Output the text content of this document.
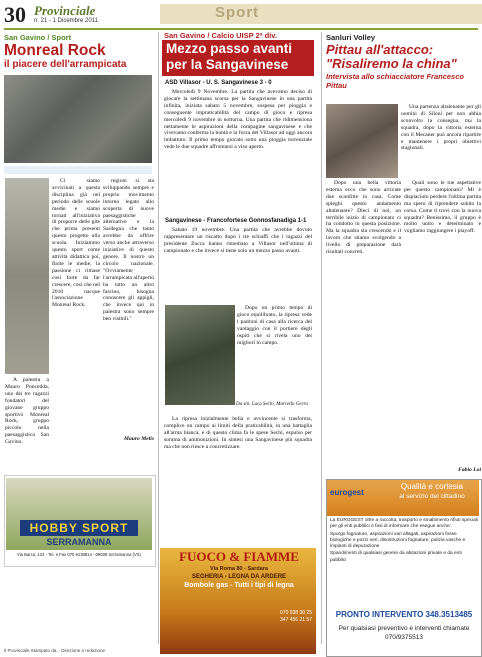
30 Provinciale
n. 21 - 1 Dicembre 2011	Sport
San Gavino / Sport
Monreal Rock
il piacere dell'arrampicata

Ci siamo avvicinati a questa disciplina già nel periodo delle scuole medie e siamo tornati all'iniziativa di proporre delle gite che prima presenti questo progetto alla scuola. Iniziammo questo sport come attività didattica poi, finite le medie, la passione ci rimase così forte da far crescere, così che nel 2010 nacque l'associazione Monreal Rock.

regioni si sta sviluppando sempre e proprio movimento intorno legato allo scoperta di nuove paesaggistiche alternative e la Sardegna che tanto avrebbe da offrire verso anche attraverso iniziative di questo genere. Il nostro un circolo nazionale. "Ovviamente l'arrampicata all'aperto ha tutto un altro fascino, bisogna conoscere gli appigli, che invece qui in palestra sono sempre ben visibili."

A palestra a Mauro Poncedda, uno dei tre ragazzi fondatori del giovane gruppo sportivo Monreal Rock, gruppo piccolo nella paesaggistica San Gavino.

Mauro Melis
HOBBY SPORT
SERRAMANNA
Via Barca, 134 - Tel. e Fax 070 9138814 - 09038 Serramanna (VS)
San Gavino / Calcio UISP 2ª div.
Mezzo passo avanti per la Sangavinese
ASD Villasor - U. S. Sangavinese 3 - 0

Mercoledì 9 Novembre. La partita che avevamo deciso di giocare la settimana scorsa per la Sangavinese in una partita infinita, iniziata sabato 5 novembre, sospesa per pioggia e conseguente impraticabilità del campo di gioco e ripresa mercoledì 9 novembre in notturna. Una partita che ridimensiona nettamente le aspirazioni della compagine sangavinese e che vivevamo conferma la bontà e la forza del Villasor ad oggi ancora imbattuto. Il primo tempo giocato sotto una pioggia torrenziale vede le due squadre affrontarsi a viso aperto.

Sangavinese - Francofortese Gonnosfanadiga 1-1

Sabato 19 novembre. Una partita che avrebbe dovuto rappresentare un riscatto dopo i tre schiaffi che i ragazzi del presidente Zucca hanno rimediato a Villasor nell'ultima di campionato e che invece si tiene solo un mezzo passo avanti.

Dopo un primo tempo di gioco equilibrato, la ripresa vede i padroni di casa alla ricerca del vantaggio con il portiere degli ospiti che si rivela uno dei migliori in campo.

Da sin. Luca Sechi, Marcello Gerra

La ripresa inizialmente bella e avvincente si trasforma, complice un campo ai limiti della praticabilità, in una battaglia all'arma bianca, e di questo clima fa le spese Sechi, espulso per somma di ammonizioni. In sintesi una Sangavinese più squadra ma che non riesce a concretizzare.

FUOCO & FIAMME
Via Roma 80 - Sardara
SEGHERIA - LEGNA DA ARDERE
Bombole gas - Tutti i tipi di legna
070 938 30 25
347 456 21 57
Sanluri Volley
Pittau all'attacco: "Risaliremo la china"
Intervista allo schiacciatore Francesco Pittau

Una partenza altalenante per gli uomini di Siloni per non abbia sconvolto la consegna, ma la squadra, dopo la vittoria esterna con il Mecaner può ancora ripartire e mantenere i propri obiettivi stagionali.

Dopo una bella vittoria esterna ecco che sono arrivate due sconfitte in casa. Come spieghi questo andamento altalenante? Dieci di noi, un terribile inizio di campionato ci ha condotto in questa posizione. Ma la squadra sta crescendo e il lavoro che stiamo svolgendo a livello di preparazione darà risultati concreti.

Quali sono le tue aspettative per questo campionato? Mi è dispiaciuto perdere l'ultima partita ma spero di riprendere subito la corsa. Come ti trovi con la nuova squadra? Benissimo, il gruppo è molto unito e determinato e vogliamo raggiungere i playoff.

Fabio Loi
eurogest
Qualità e cortesia
al servizio del cittadino
La EUROGEST oltre a raccolta, trasporto e smaltimento rifiuti speciali per gli enti pubblici e fasi di informare che esegue anche:
Spurgo fognature, aspirazioni vari allagati, aspirazioni fosse biologiche e pozzi neri, disostruzioni fognature, pulizia vasche e impianti di depurazione
Spandimenti di qualsiasi genere da abitazioni private e da enti pubblici
PRONTO INTERVENTO 348.3513485
Per qualsiasi preventivo e interventi chiamate 070/9375513
Il Provinciale Stampato da... Direzione e redazione
